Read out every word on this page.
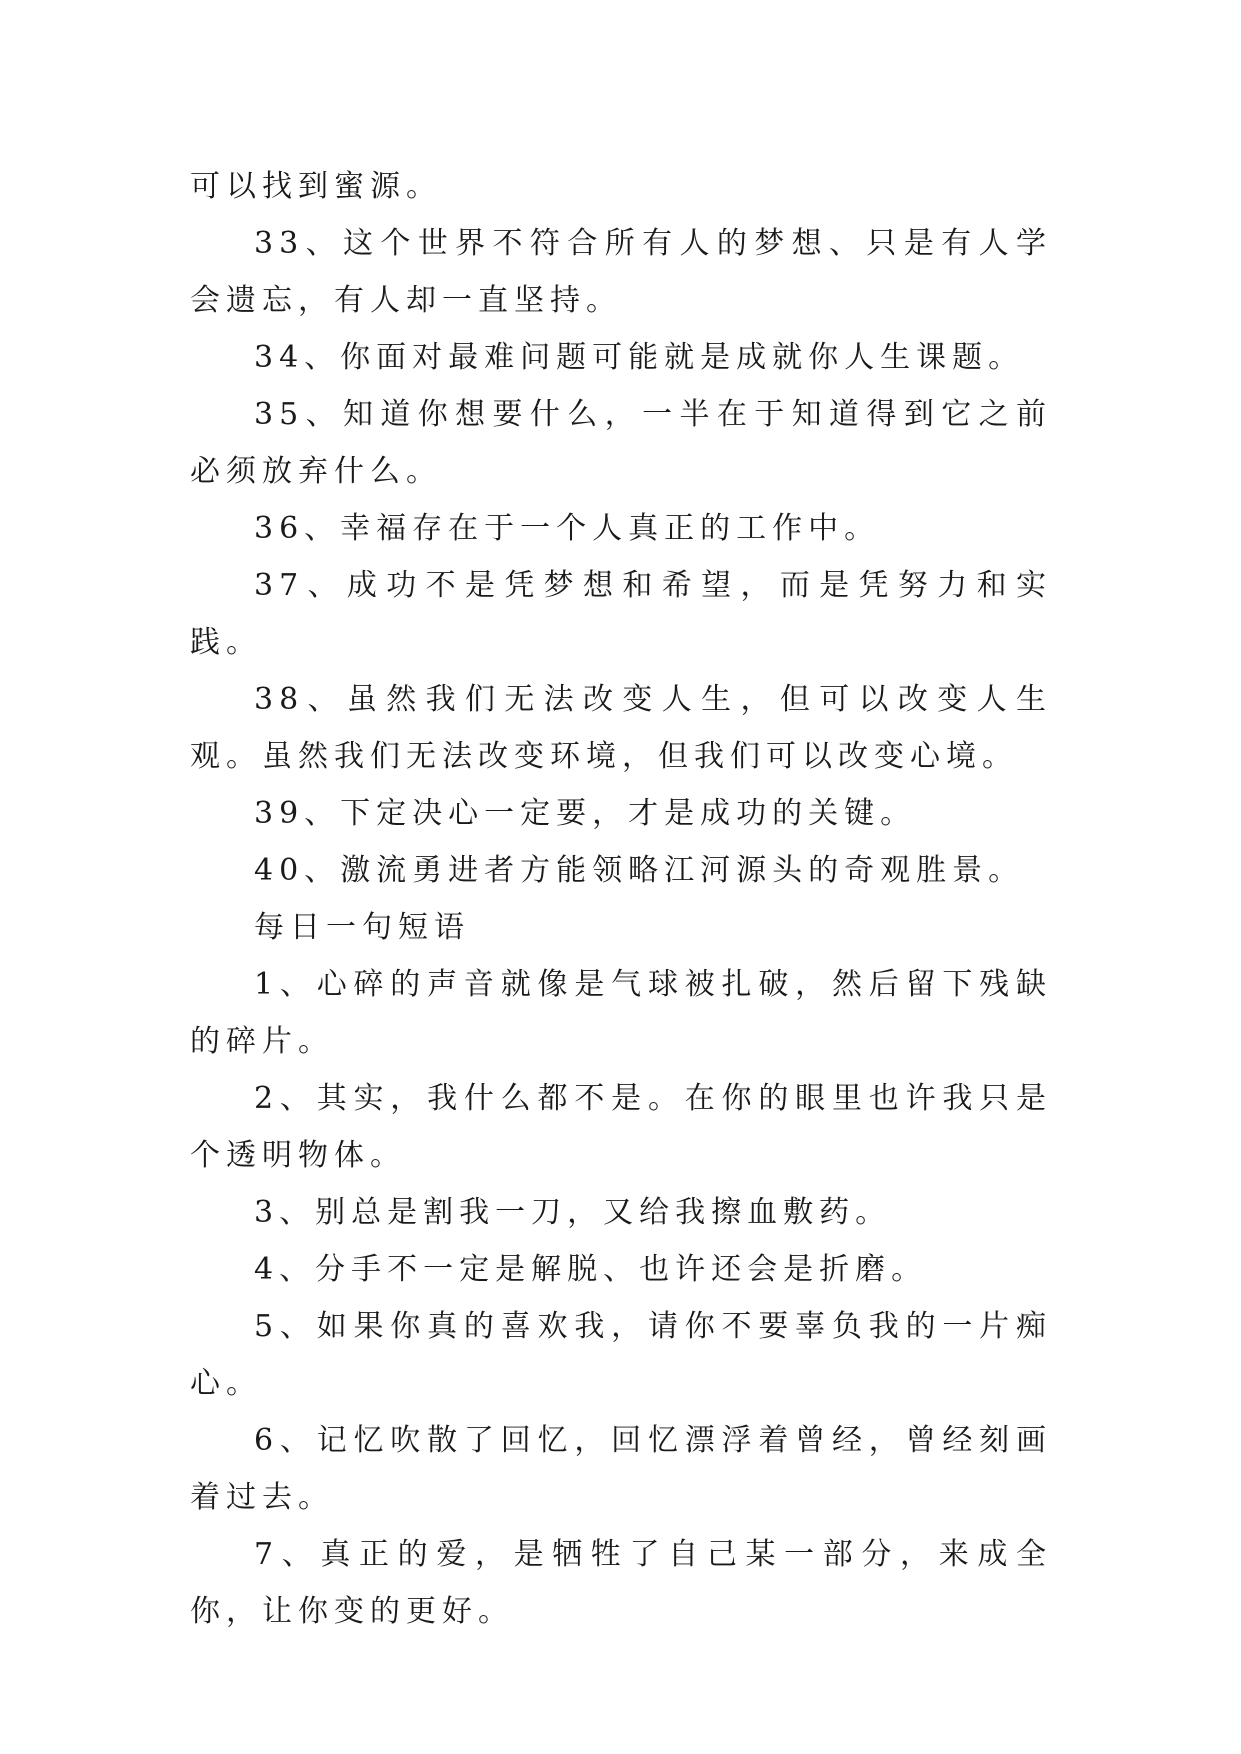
可以找到蜜源。

33、这个世界不符合所有人的梦想、只是有人学会遗忘，有人却一直坚持。

34、你面对最难问题可能就是成就你人生课题。

35、知道你想要什么，一半在于知道得到它之前必须放弃什么。

36、幸福存在于一个人真正的工作中。

37、成功不是凭梦想和希望，而是凭努力和实践。

38、虽然我们无法改变人生，但可以改变人生观。虽然我们无法改变环境，但我们可以改变心境。

39、下定决心一定要，才是成功的关键。

40、激流勇进者方能领略江河源头的奇观胜景。

每日一句短语

1、心碎的声音就像是气球被扎破，然后留下残缺的碎片。

2、其实，我什么都不是。在你的眼里也许我只是个透明物体。

3、别总是割我一刀，又给我擦血敷药。

4、分手不一定是解脱、也许还会是折磨。

5、如果你真的喜欢我，请你不要辜负我的一片痴心。

6、记忆吹散了回忆，回忆漂浮着曾经，曾经刻画着过去。

7、真正的爱，是牺牲了自己某一部分，来成全你，让你变的更好。
